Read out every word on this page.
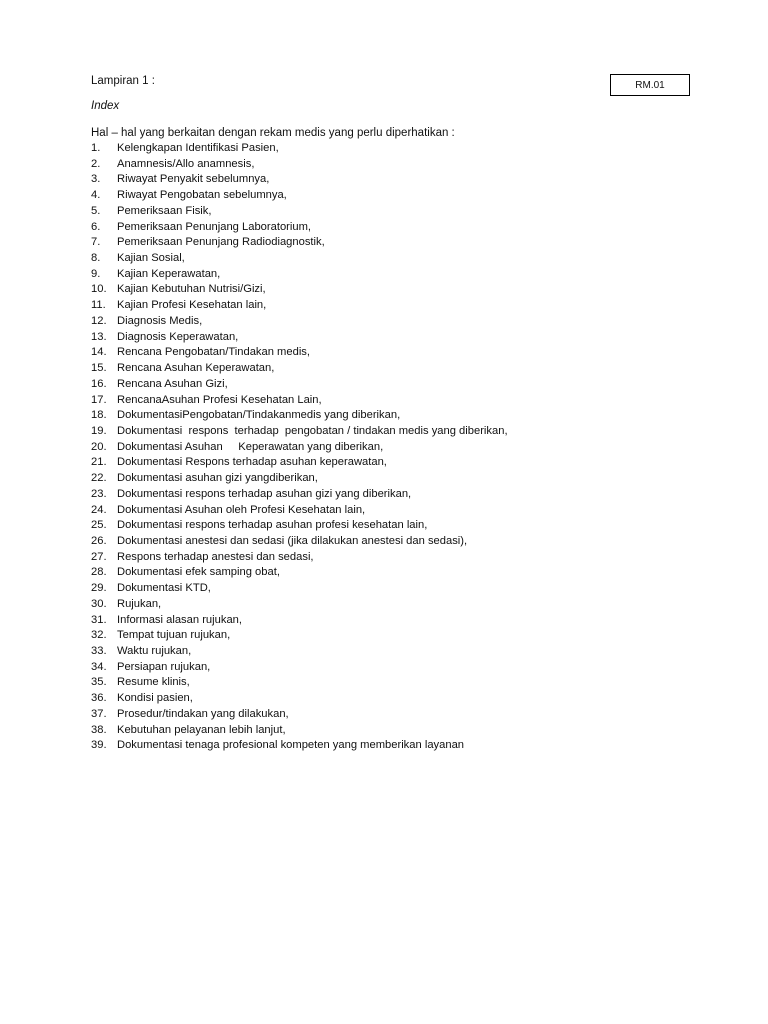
Lampiran 1 :
Index
RM.01
Hal – hal yang berkaitan dengan rekam medis yang perlu diperhatikan :
1.	Kelengkapan Identifikasi Pasien,
2.	Anamnesis/Allo anamnesis,
3.	Riwayat Penyakit sebelumnya,
4.	Riwayat Pengobatan sebelumnya,
5.	Pemeriksaan Fisik,
6.	Pemeriksaan Penunjang Laboratorium,
7.	Pemeriksaan Penunjang Radiodiagnostik,
8.	Kajian Sosial,
9.	Kajian Keperawatan,
10. Kajian Kebutuhan Nutrisi/Gizi,
11.	Kajian Profesi Kesehatan lain,
12. Diagnosis Medis,
13. Diagnosis Keperawatan,
14. Rencana Pengobatan/Tindakan medis,
15. Rencana Asuhan Keperawatan,
16. Rencana Asuhan Gizi,
17. RencanaAsuhan Profesi Kesehatan Lain,
18. DokumentasiPengobatan/Tindakanmedis yang diberikan,
19. Dokumentasi  respons  terhadap  pengobatan / tindakan medis yang diberikan,
20. Dokumentasi Asuhan     Keperawatan yang diberikan,
21. Dokumentasi Respons terhadap asuhan keperawatan,
22. Dokumentasi asuhan gizi yangdiberikan,
23. Dokumentasi respons terhadap asuhan gizi yang diberikan,
24. Dokumentasi Asuhan oleh Profesi Kesehatan lain,
25. Dokumentasi respons terhadap asuhan profesi kesehatan lain,
26. Dokumentasi anestesi dan sedasi (jika dilakukan anestesi dan sedasi),
27. Respons terhadap anestesi dan sedasi,
28. Dokumentasi efek samping obat,
29. Dokumentasi KTD,
30. Rujukan,
31. Informasi alasan rujukan,
32. Tempat tujuan rujukan,
33. Waktu rujukan,
34. Persiapan rujukan,
35. Resume klinis,
36. Kondisi pasien,
37. Prosedur/tindakan yang dilakukan,
38. Kebutuhan pelayanan lebih lanjut,
39. Dokumentasi tenaga profesional kompeten yang memberikan layanan
